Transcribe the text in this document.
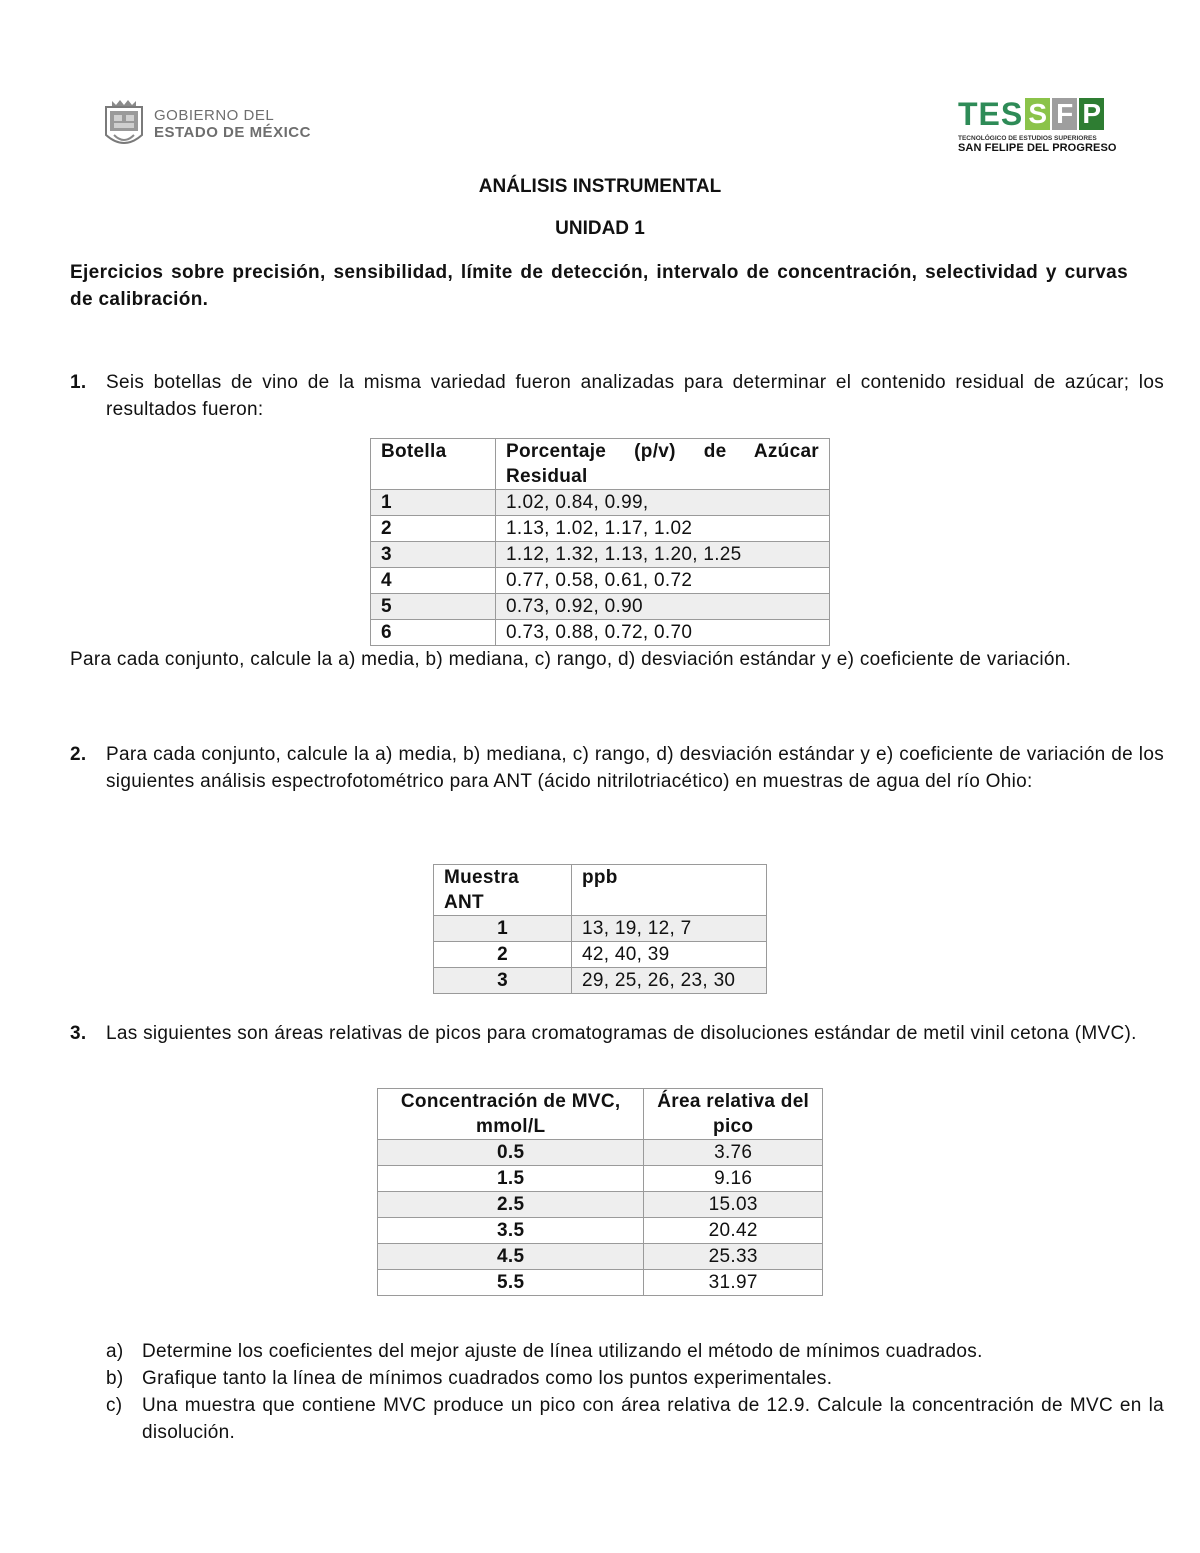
GOBIERNO DEL
ESTADO DE MÉXICC
TES S F P
TECNOLÓGICO DE ESTUDIOS SUPERIORES
SAN FELIPE DEL PROGRESO
ANÁLISIS INSTRUMENTAL
UNIDAD 1
Ejercicios sobre precisión, sensibilidad, límite de detección, intervalo de concentración, selectividad y curvas de calibración.
1. Seis botellas de vino de la misma variedad fueron analizadas para determinar el contenido residual de azúcar; los resultados fueron:
Botella	Porcentaje (p/v) de Azúcar Residual
1	1.02, 0.84, 0.99,
2	1.13, 1.02, 1.17, 1.02
3	1.12, 1.32, 1.13, 1.20, 1.25
4	0.77, 0.58, 0.61, 0.72
5	0.73, 0.92, 0.90
6	0.73, 0.88, 0.72, 0.70
Para cada conjunto, calcule la a) media, b) mediana, c) rango, d) desviación estándar y e) coeficiente de variación.
2. Para cada conjunto, calcule la a) media, b) mediana, c) rango, d) desviación estándar y e) coeficiente de variación de los siguientes análisis espectrofotométrico para ANT (ácido nitrilotriacético) en muestras de agua del río Ohio:
Muestra ANT	ppb
1	13, 19, 12, 7
2	42, 40, 39
3	29, 25, 26, 23, 30
3. Las siguientes son áreas relativas de picos para cromatogramas de disoluciones estándar de metil vinil cetona (MVC).
Concentración de MVC, mmol/L	Área relativa del pico
0.5	3.76
1.5	9.16
2.5	15.03
3.5	20.42
4.5	25.33
5.5	31.97
a) Determine los coeficientes del mejor ajuste de línea utilizando el método de mínimos cuadrados.
b) Grafique tanto la línea de mínimos cuadrados como los puntos experimentales.
c) Una muestra que contiene MVC produce un pico con área relativa de 12.9. Calcule la concentración de MVC en la disolución.
